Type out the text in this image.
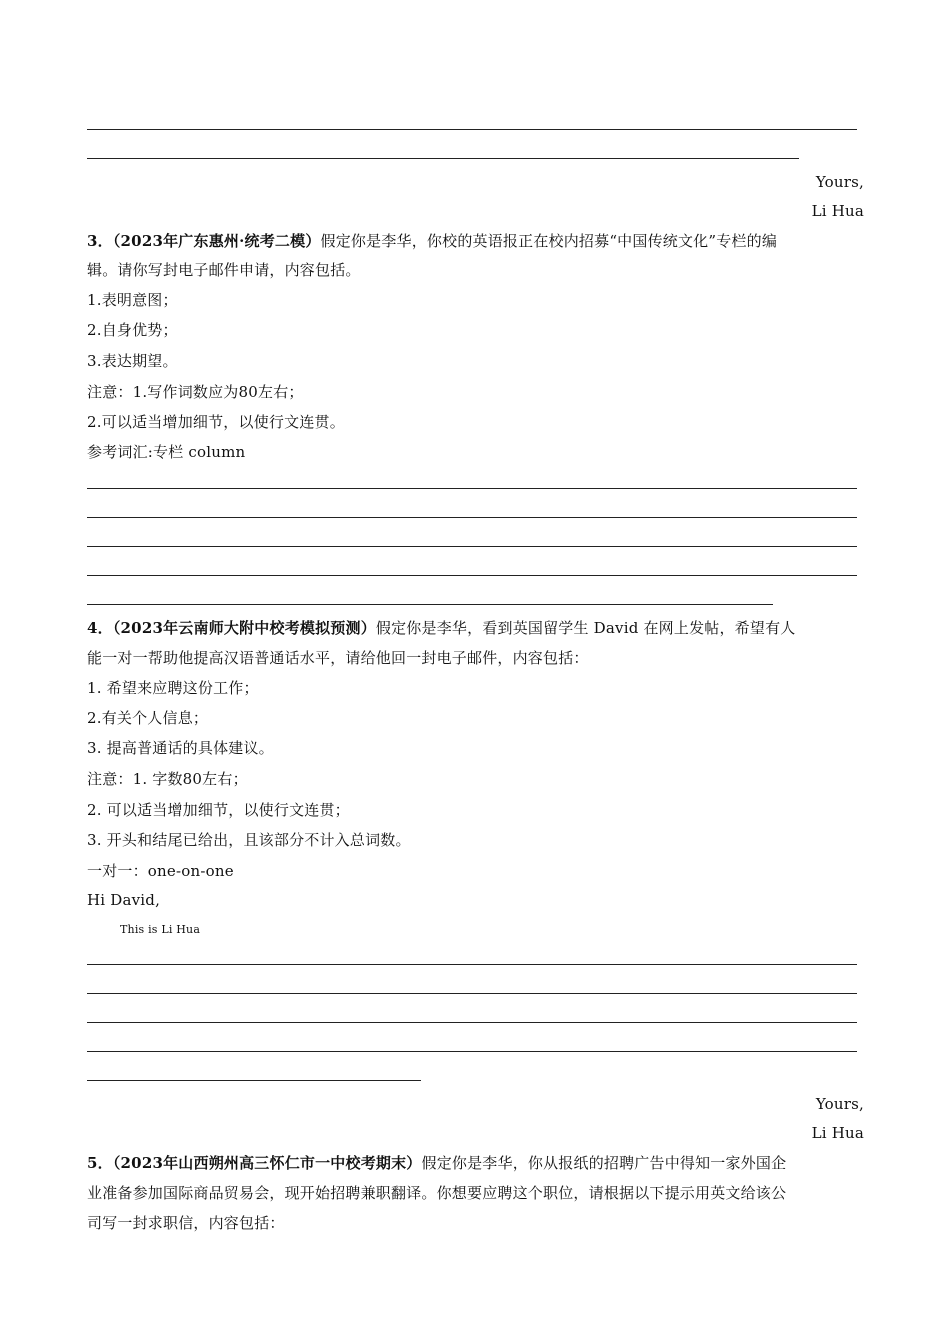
Yours,
Li Hua
3．（2023年广东惠州·统考二模）假定你是李华，你校的英语报正在校内招募“中国传统文化”专栏的编
辑。请你写封电子邮件申请，内容包括。
1.表明意图；
2.自身优势；
3.表达期望。
注意：1.写作词数应为80左右；
2.可以适当增加细节，以使行文连贯。
参考词汇:专栏 column
4．（2023年云南师大附中校考模拟预测）假定你是李华，看到英国留学生 David 在网上发帖，希望有人
能一对一帮助他提高汉语普通话水平，请给他回一封电子邮件，内容包括：
1. 希望来应聘这份工作；
2.有关个人信息；
3. 提高普通话的具体建议。
注意：1. 字数80左右；
2. 可以适当增加细节，以使行文连贯；
3. 开头和结尾已给出，且该部分不计入总词数。
一对一：one-on-one
Hi David,
This is Li Hua
Yours,
Li Hua
5．（2023年山西朔州高三怀仁市一中校考期末）假定你是李华，你从报纸的招聘广告中得知一家外国企
业准备参加国际商品贸易会，现开始招聘兼职翻译。你想要应聘这个职位，请根据以下提示用英文给该公
司写一封求职信，内容包括：
